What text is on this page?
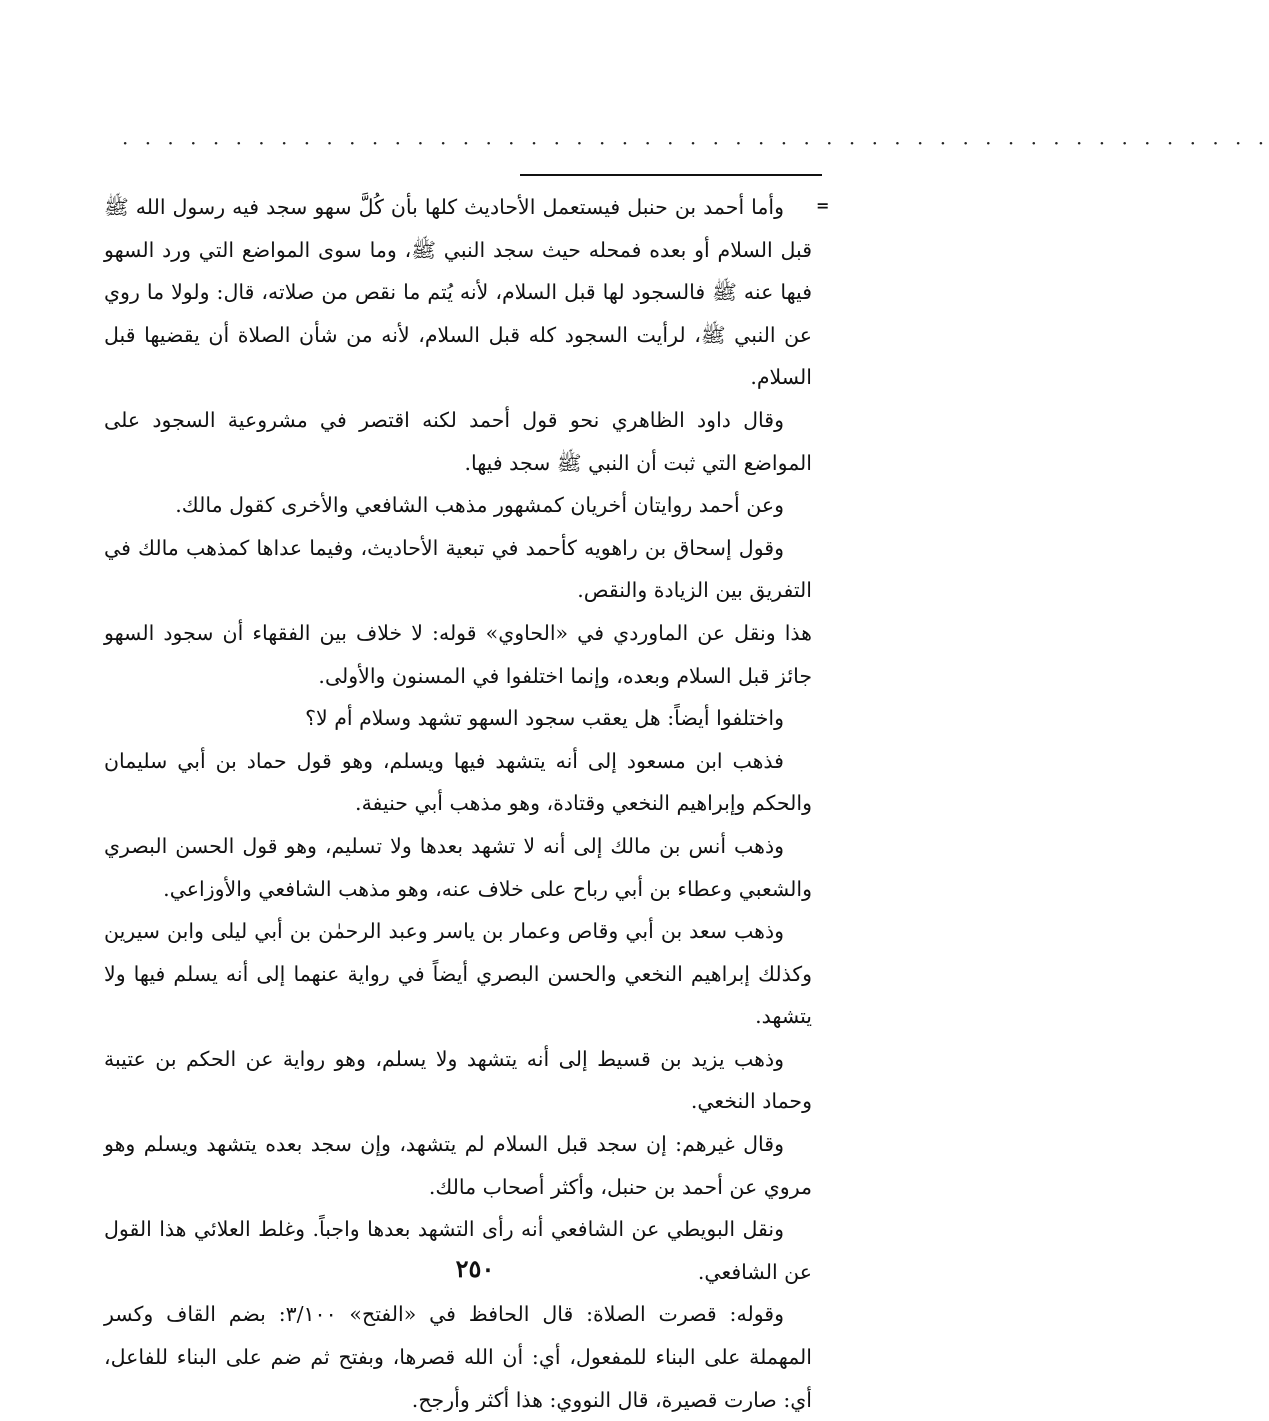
· · · · · · · · · · · · · · · · · · · · · · · · · · · · · · · · · · · · · · · · · · · · · · · · · · ·
=

وأما أحمد بن حنبل فيستعمل الأحاديث كلها بأن كُلَّ سهو سجد فيه رسول الله ﷺ قبل السلام أو بعده فمحله حيث سجد النبي ﷺ، وما سوى المواضع التي ورد السهو فيها عنه ﷺ فالسجود لها قبل السلام، لأنه يُتم ما نقص من صلاته، قال: ولولا ما روي عن النبي ﷺ، لرأيت السجود كله قبل السلام، لأنه من شأن الصلاة أن يقضيها قبل السلام.

وقال داود الظاهري نحو قول أحمد لكنه اقتصر في مشروعية السجود على المواضع التي ثبت أن النبي ﷺ سجد فيها.

وعن أحمد روايتان أخريان كمشهور مذهب الشافعي والأخرى كقول مالك.

وقول إسحاق بن راهويه كأحمد في تبعية الأحاديث، وفيما عداها كمذهب مالك في التفريق بين الزيادة والنقص.

هذا ونقل عن الماوردي في «الحاوي» قوله: لا خلاف بين الفقهاء أن سجود السهو جائز قبل السلام وبعده، وإنما اختلفوا في المسنون والأولى.

واختلفوا أيضاً: هل يعقب سجود السهو تشهد وسلام أم لا؟

فذهب ابن مسعود إلى أنه يتشهد فيها ويسلم، وهو قول حماد بن أبي سليمان والحكم وإبراهيم النخعي وقتادة، وهو مذهب أبي حنيفة.

وذهب أنس بن مالك إلى أنه لا تشهد بعدها ولا تسليم، وهو قول الحسن البصري والشعبي وعطاء بن أبي رباح على خلاف عنه، وهو مذهب الشافعي والأوزاعي.

وذهب سعد بن أبي وقاص وعمار بن ياسر وعبد الرحمٰن بن أبي ليلى وابن سيرين وكذلك إبراهيم النخعي والحسن البصري أيضاً في رواية عنهما إلى أنه يسلم فيها ولا يتشهد.

وذهب يزيد بن قسيط إلى أنه يتشهد ولا يسلم، وهو رواية عن الحكم بن عتيبة وحماد النخعي.

وقال غيرهم: إن سجد قبل السلام لم يتشهد، وإن سجد بعده يتشهد ويسلم وهو مروي عن أحمد بن حنبل، وأكثر أصحاب مالك.

ونقل البويطي عن الشافعي أنه رأى التشهد بعدها واجباً. وغلط العلائي هذا القول عن الشافعي.

وقوله: قصرت الصلاة: قال الحافظ في «الفتح» ٣/١٠٠: بضم القاف وكسر المهملة على البناء للمفعول، أي: أن الله قصرها، وبفتح ثم ضم على البناء للفاعل، أي: صارت قصيرة، قال النووي: هذا أكثر وأرجح.

٢٥٠
